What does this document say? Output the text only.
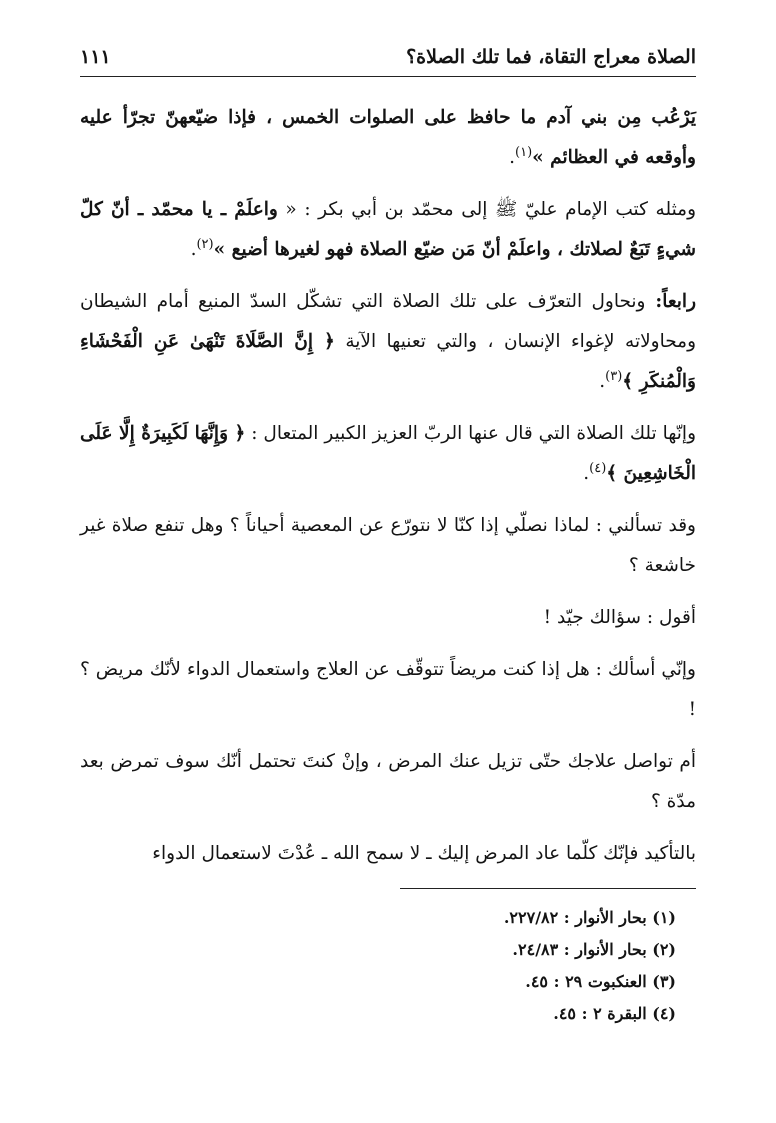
الصلاة معراج التقاة، فما تلك الصلاة؟
١١١

يَرْعُب مِن بني آدم ما حافظ على الصلوات الخمس ، فإذا ضيّعهنّ تجرّأ عليه وأوقعه في العظائم »$^{(١)}$.

ومثله كتب الإمام عليّ ﷺ إلى محمّد بن أبي بكر : « واعلَمْ ـ يا محمّد ـ أنّ كلّ شيءٍ تَبَعٌ لصلاتك ، واعلَمْ أنّ مَن ضيّع الصلاة فهو لغيرها أضيع »$^{(٢)}$.

رابعاً: ونحاول التعرّف على تلك الصلاة التي تشكّل السدّ المنيع أمام الشيطان ومحاولاته لإغواء الإنسان ، والتي تعنيها الآية ﴿ إِنَّ الصَّلَاةَ تَنْهَىٰ عَنِ الْفَحْشَاءِ وَالْمُنكَرِ ﴾$^{(٣)}$.

وإنّها تلك الصلاة التي قال عنها الربّ العزيز الكبير المتعال : ﴿ وَإِنَّهَا لَكَبِيرَةٌ إِلَّا عَلَى الْخَاشِعِينَ ﴾$^{(٤)}$.

وقد تسألني : لماذا نصلّي إذا كنّا لا نتورّع عن المعصية أحياناً ؟ وهل تنفع صلاة غير خاشعة ؟

أقول : سؤالك جيّد !

وإنّي أسألك : هل إذا كنت مريضاً تتوقّف عن العلاج واستعمال الدواء لأنّك مريض ؟ !

أم تواصل علاجك حتّى تزيل عنك المرض ، وإنْ كنتَ تحتمل أنّك سوف تمرض بعد مدّة ؟

بالتأكيد فإنّك كلّما عاد المرض إليك ـ لا سمح الله ـ عُدْتَ لاستعمال الدواء

(١) بحار الأنوار : ٢٢٧/٨٢.
(٢) بحار الأنوار : ٢٤/٨٣.
(٣) العنكبوت ٢٩ : ٤٥.
(٤) البقرة ٢ : ٤٥.
